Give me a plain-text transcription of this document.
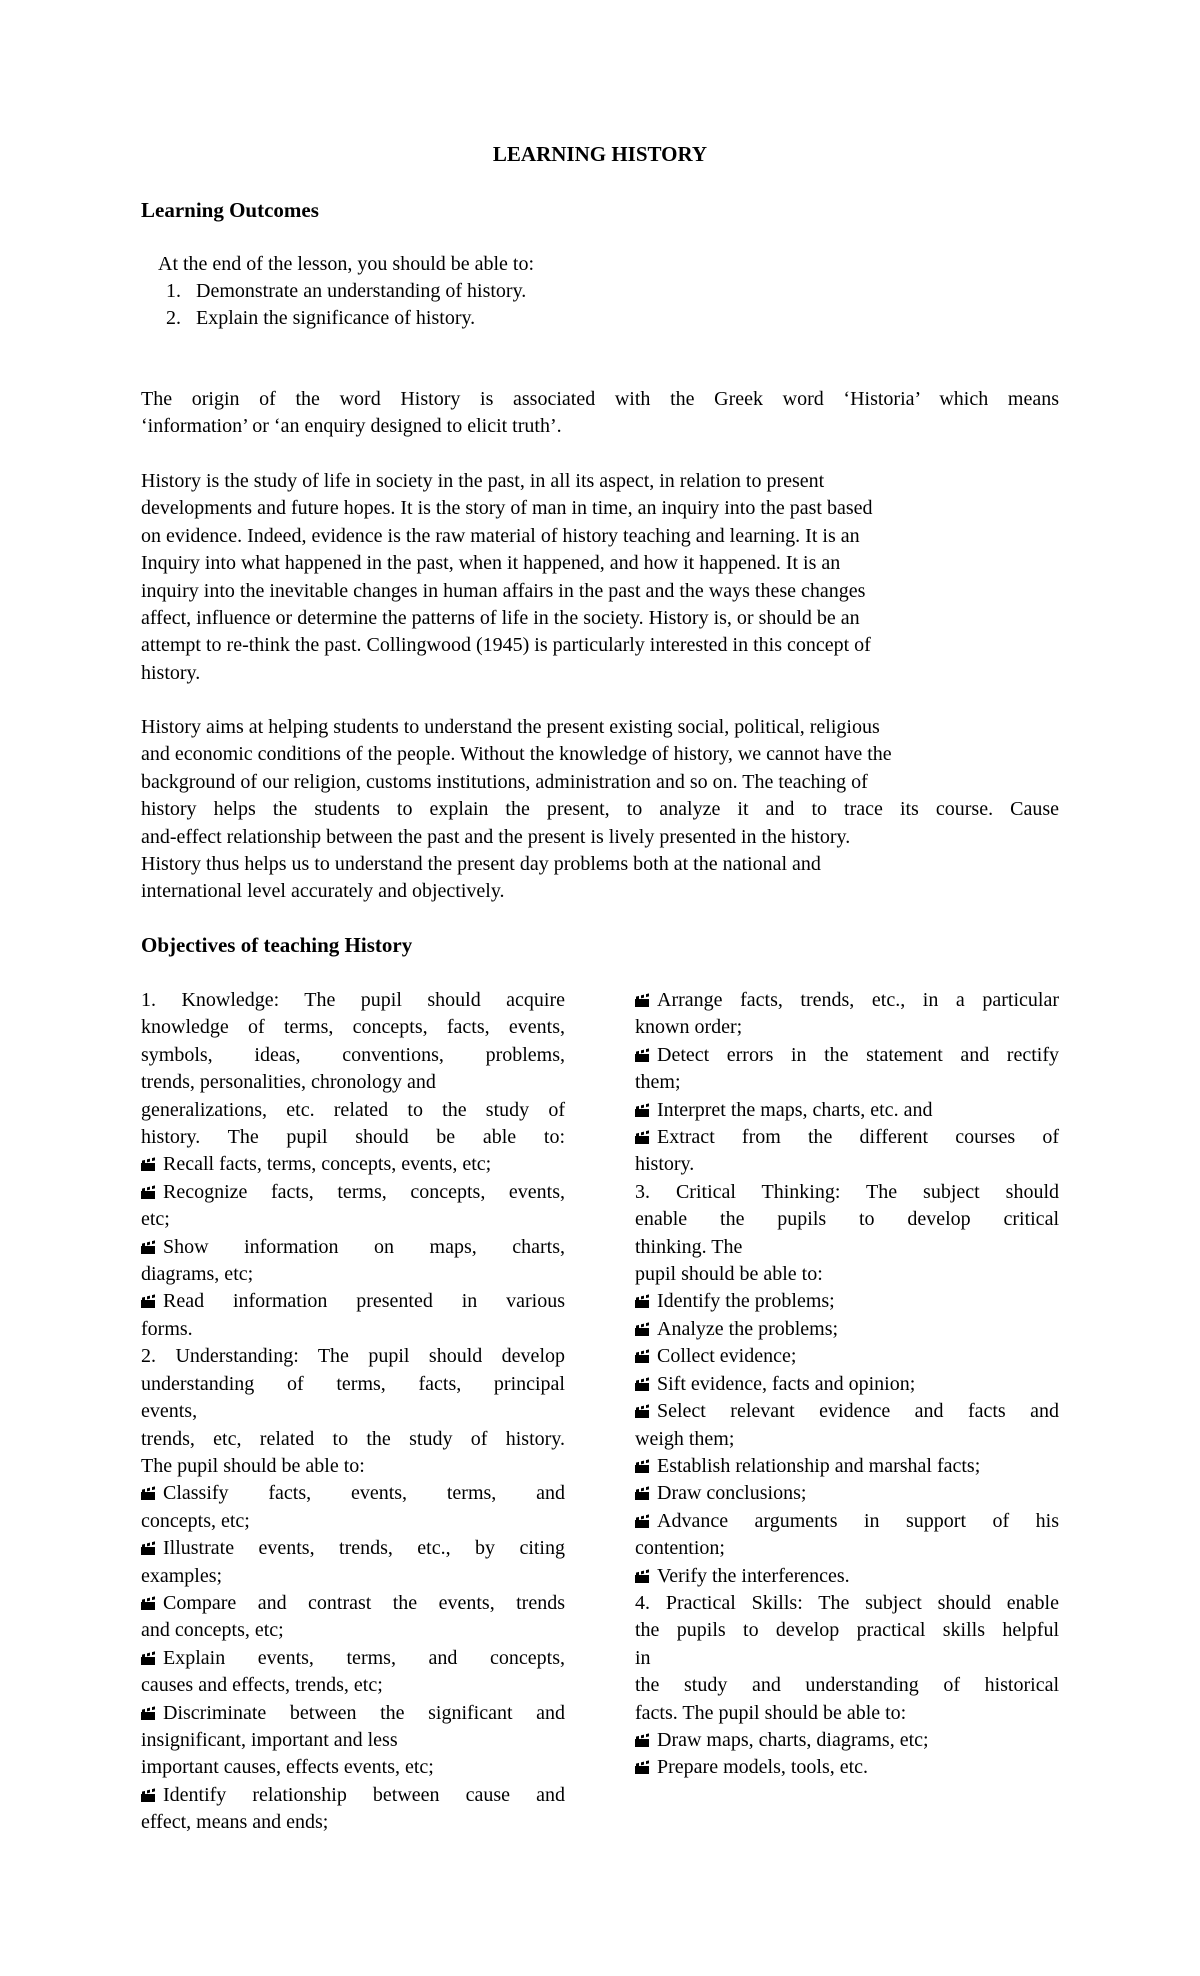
LEARNING HISTORY
Learning Outcomes
At the end of the lesson, you should be able to:
1. Demonstrate an understanding of history.
2. Explain the significance of history.

The origin of the word History is associated with the Greek word ‘Historia’ which means

‘information’ or ‘an enquiry designed to elicit truth’.

History is the study of life in society in the past, in all its aspect, in relation to present

developments and future hopes. It is the story of man in time, an inquiry into the past based

on evidence. Indeed, evidence is the raw material of history teaching and learning. It is an

Inquiry into what happened in the past, when it happened, and how it happened. It is an

inquiry into the inevitable changes in human affairs in the past and the ways these changes

affect, influence or determine the patterns of life in the society. History is, or should be an

attempt to re-think the past. Collingwood (1945) is particularly interested in this concept of

history.

History aims at helping students to understand the present existing social, political, religious

and economic conditions of the people. Without the knowledge of history, we cannot have the

background of our religion, customs institutions, administration and so on. The teaching of

history helps the students to explain the present, to analyze it and to trace its course. Cause

and-effect relationship between the past and the present is lively presented in the history.

History thus helps us to understand the present day problems both at the national and

international level accurately and objectively.

Objectives of teaching History

1. Knowledge: The pupil should acquire

knowledge of terms, concepts, facts, events,

symbols, ideas, conventions, problems,

trends, personalities, chronology and

generalizations, etc. related to the study of

history. The pupil should be able to:

Recall facts, terms, concepts, events, etc;

Recognize facts, terms, concepts, events,

etc;

Show information on maps, charts,

diagrams, etc;

Read information presented in various

forms.

2. Understanding: The pupil should develop

understanding of terms, facts, principal

events,

trends, etc, related to the study of history.

The pupil should be able to:

Classify facts, events, terms, and

concepts, etc;

Illustrate events, trends, etc., by citing

examples;

Compare and contrast the events, trends

and concepts, etc;

Explain events, terms, and concepts,

causes and effects, trends, etc;

Discriminate between the significant and

insignificant, important and less

important causes, effects events, etc;

Identify relationship between cause and

effect, means and ends;

Arrange facts, trends, etc., in a particular

known order;

Detect errors in the statement and rectify

them;

Interpret the maps, charts, etc. and

Extract from the different courses of

history.

3. Critical Thinking: The subject should

enable the pupils to develop critical

thinking. The

pupil should be able to:

Identify the problems;

Analyze the problems;

Collect evidence;

Sift evidence, facts and opinion;

Select relevant evidence and facts and

weigh them;

Establish relationship and marshal facts;

Draw conclusions;

Advance arguments in support of his

contention;

Verify the interferences.

4. Practical Skills: The subject should enable

the pupils to develop practical skills helpful

in

the study and understanding of historical

facts. The pupil should be able to:

Draw maps, charts, diagrams, etc;

Prepare models, tools, etc.
